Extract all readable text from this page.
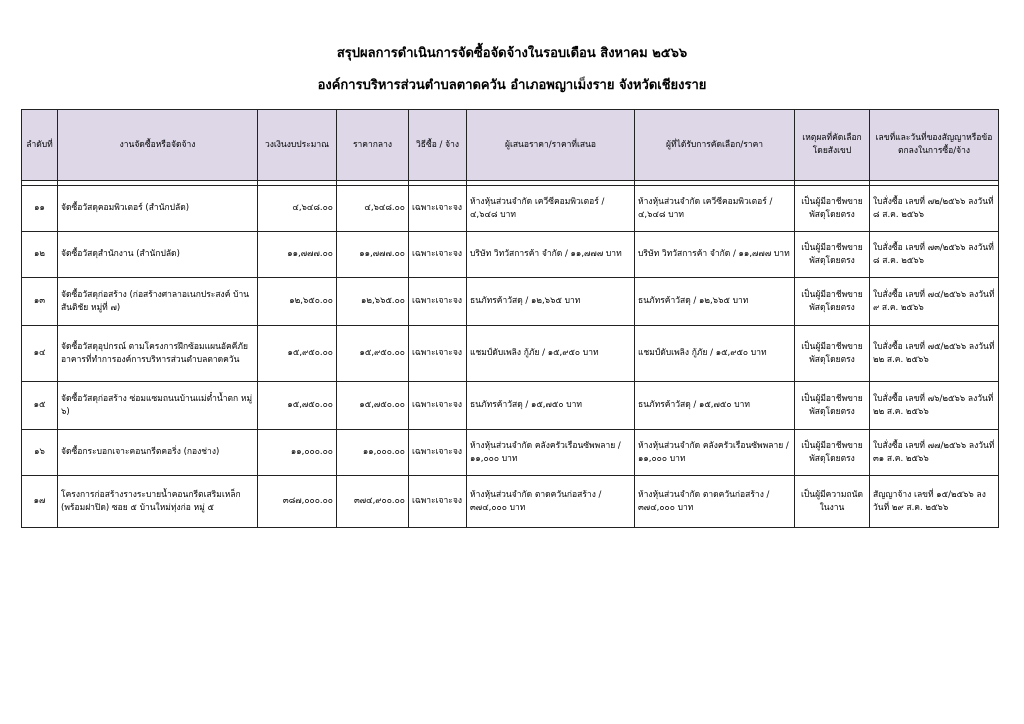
สรุปผลการดำเนินการจัดซื้อจัดจ้างในรอบเดือน สิงหาคม ๒๕๖๖
องค์การบริหารส่วนตำบลตาดควัน อำเภอพญาเม็งราย จังหวัดเชียงราย
ลำดับที่	งานจัดซื้อหรือจัดจ้าง	วงเงินงบประมาณ	ราคากลาง	วิธีซื้อ / จ้าง	ผู้เสนอราคา/ราคาที่เสนอ	ผู้ที่ได้รับการคัดเลือก/ราคา	เหตุผลที่คัดเลือกโดยสังเขป	เลขที่และวันที่ของสัญญาหรือข้อตกลงในการซื้อ/จ้าง

๑๑	จัดซื้อวัสดุคอมพิวเตอร์ (สำนักปลัด)	๔,๖๔๘.๐๐	๔,๖๔๘.๐๐	เฉพาะเจาะจง	ห้างหุ้นส่วนจำกัด เควีซีคอมพิวเตอร์ / ๔,๖๔๘ บาท	ห้างหุ้นส่วนจำกัด เควีซีคอมพิวเตอร์ / ๔,๖๔๘ บาท	เป็นผู้มีอาชีพขายพัสดุโดยตรง	ใบสั่งซื้อ เลขที่ ๗๒/๒๕๖๖ ลงวันที่ ๘ ส.ค. ๒๕๖๖
๑๒	จัดซื้อวัสดุสำนักงาน (สำนักปลัด)	๑๑,๗๗๗.๐๐	๑๑,๗๗๗.๐๐	เฉพาะเจาะจง	บริษัท วิทวัสการค้า จำกัด / ๑๑,๗๗๗ บาท	บริษัท วิทวัสการค้า จำกัด / ๑๑,๗๗๗ บาท	เป็นผู้มีอาชีพขายพัสดุโดยตรง	ใบสั่งซื้อ เลขที่ ๗๓/๒๕๖๖ ลงวันที่ ๘ ส.ค. ๒๕๖๖
๑๓	จัดซื้อวัสดุก่อสร้าง (ก่อสร้างศาลาอเนกประสงค์ บ้านสันติชัย หมู่ที่ ๗)	๑๒,๖๕๐.๐๐	๑๒,๖๖๕.๐๐	เฉพาะเจาะจง	ธนภัทรค้าวัสดุ / ๑๒,๖๖๕ บาท	ธนภัทรค้าวัสดุ / ๑๒,๖๖๕ บาท	เป็นผู้มีอาชีพขายพัสดุโดยตรง	ใบสั่งซื้อ เลขที่ ๗๔/๒๕๖๖ ลงวันที่ ๙ ส.ค. ๒๕๖๖
๑๔	จัดซื้อวัสดุอุปกรณ์ ตามโครงการฝึกซ้อมแผนอัคคีภัยอาคารที่ทำการองค์การบริหารส่วนตำบลตาดควัน	๑๕,๙๕๐.๐๐	๑๕,๙๕๐.๐๐	เฉพาะเจาะจง	แชมป์ดับเพลิง กู้ภัย / ๑๕,๙๕๐ บาท	แชมป์ดับเพลิง กู้ภัย / ๑๕,๙๕๐ บาท	เป็นผู้มีอาชีพขายพัสดุโดยตรง	ใบสั่งซื้อ เลขที่ ๗๕/๒๕๖๖ ลงวันที่ ๒๒ ส.ค. ๒๕๖๖
๑๕	จัดซื้อวัสดุก่อสร้าง ซ่อมแซมถนนบ้านแม่ต๋ำน้ำตก หมู่ ๖)	๑๕,๗๕๐.๐๐	๑๕,๗๕๐.๐๐	เฉพาะเจาะจง	ธนภัทรค้าวัสดุ / ๑๕,๗๕๐ บาท	ธนภัทรค้าวัสดุ / ๑๕,๗๕๐ บาท	เป็นผู้มีอาชีพขายพัสดุโดยตรง	ใบสั่งซื้อ เลขที่ ๗๖/๒๕๖๖ ลงวันที่ ๒๒ ส.ค. ๒๕๖๖
๑๖	จัดซื้อกระบอกเจาะคอนกรีตคอริ่ง (กองช่าง)	๑๑,๐๐๐.๐๐	๑๑,๐๐๐.๐๐	เฉพาะเจาะจง	ห้างหุ้นส่วนจำกัด คลังครัวเรือนซัพพลาย / ๑๑,๐๐๐ บาท	ห้างหุ้นส่วนจำกัด คลังครัวเรือนซัพพลาย / ๑๑,๐๐๐ บาท	เป็นผู้มีอาชีพขายพัสดุโดยตรง	ใบสั่งซื้อ เลขที่ ๗๗/๒๕๖๖ ลงวันที่ ๓๑ ส.ค. ๒๕๖๖
๑๗	โครงการก่อสร้างรางระบายน้ำคอนกรีตเสริมเหล็ก (พร้อมฝาปิด) ซอย ๕ บ้านใหม่ทุ่งก่อ หมู่ ๕	๓๘๗,๐๐๐.๐๐	๓๗๔,๙๐๐.๐๐	เฉพาะเจาะจง	ห้างหุ้นส่วนจำกัด ตาดควันก่อสร้าง / ๓๗๔,๐๐๐ บาท	ห้างหุ้นส่วนจำกัด ตาดควันก่อสร้าง / ๓๗๔,๐๐๐ บาท	เป็นผู้มีความถนัดในงาน	สัญญาจ้าง เลขที่ ๑๕/๒๕๖๖ ลงวันที่ ๒๙ ส.ค. ๒๕๖๖
